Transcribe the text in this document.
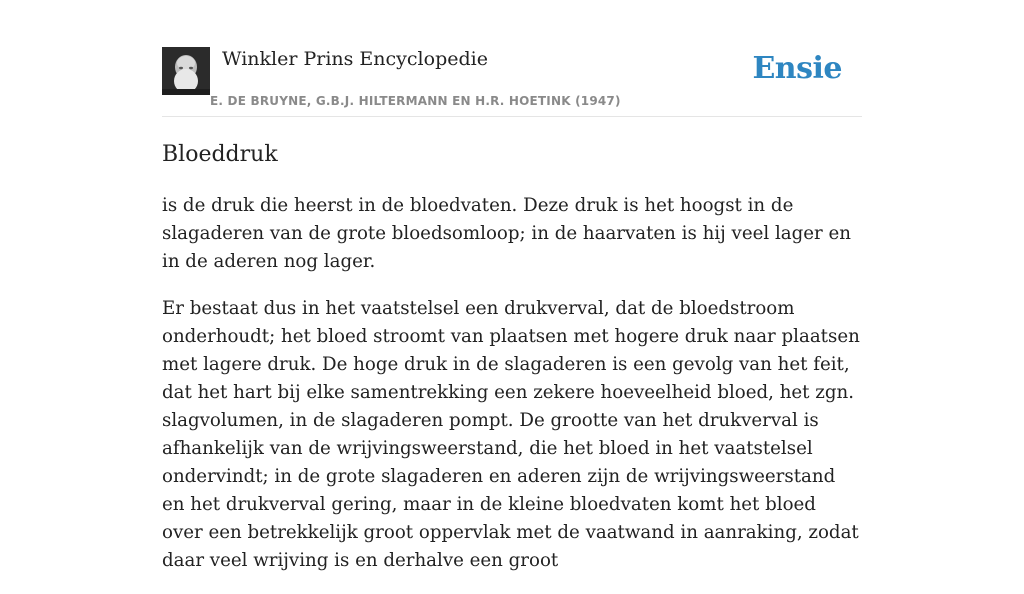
Winkler Prins Encyclopedie
E. DE BRUYNE, G.B.J. HILTERMANN EN H.R. HOETINK (1947)
Ensie
Bloeddruk

is de druk die heerst in de bloedvaten. Deze druk is het hoogst in de slagaderen van de grote bloedsomloop; in de haarvaten is hij veel lager en in de aderen nog lager.

Er bestaat dus in het vaatstelsel een drukverval, dat de bloedstroom onderhoudt; het bloed stroomt van plaatsen met hogere druk naar plaatsen met lagere druk. De hoge druk in de slagaderen is een gevolg van het feit, dat het hart bij elke samentrekking een zekere hoeveelheid bloed, het zgn. slagvolumen, in de slagaderen pompt. De grootte van het drukverval is afhankelijk van de wrijvingsweerstand, die het bloed in het vaatstelsel ondervindt; in de grote slagaderen en aderen zijn de wrijvingsweerstand en het drukverval gering, maar in de kleine bloedvaten komt het bloed over een betrekkelijk groot oppervlak met de vaatwand in aanraking, zodat daar veel wrijving is en derhalve een groot
